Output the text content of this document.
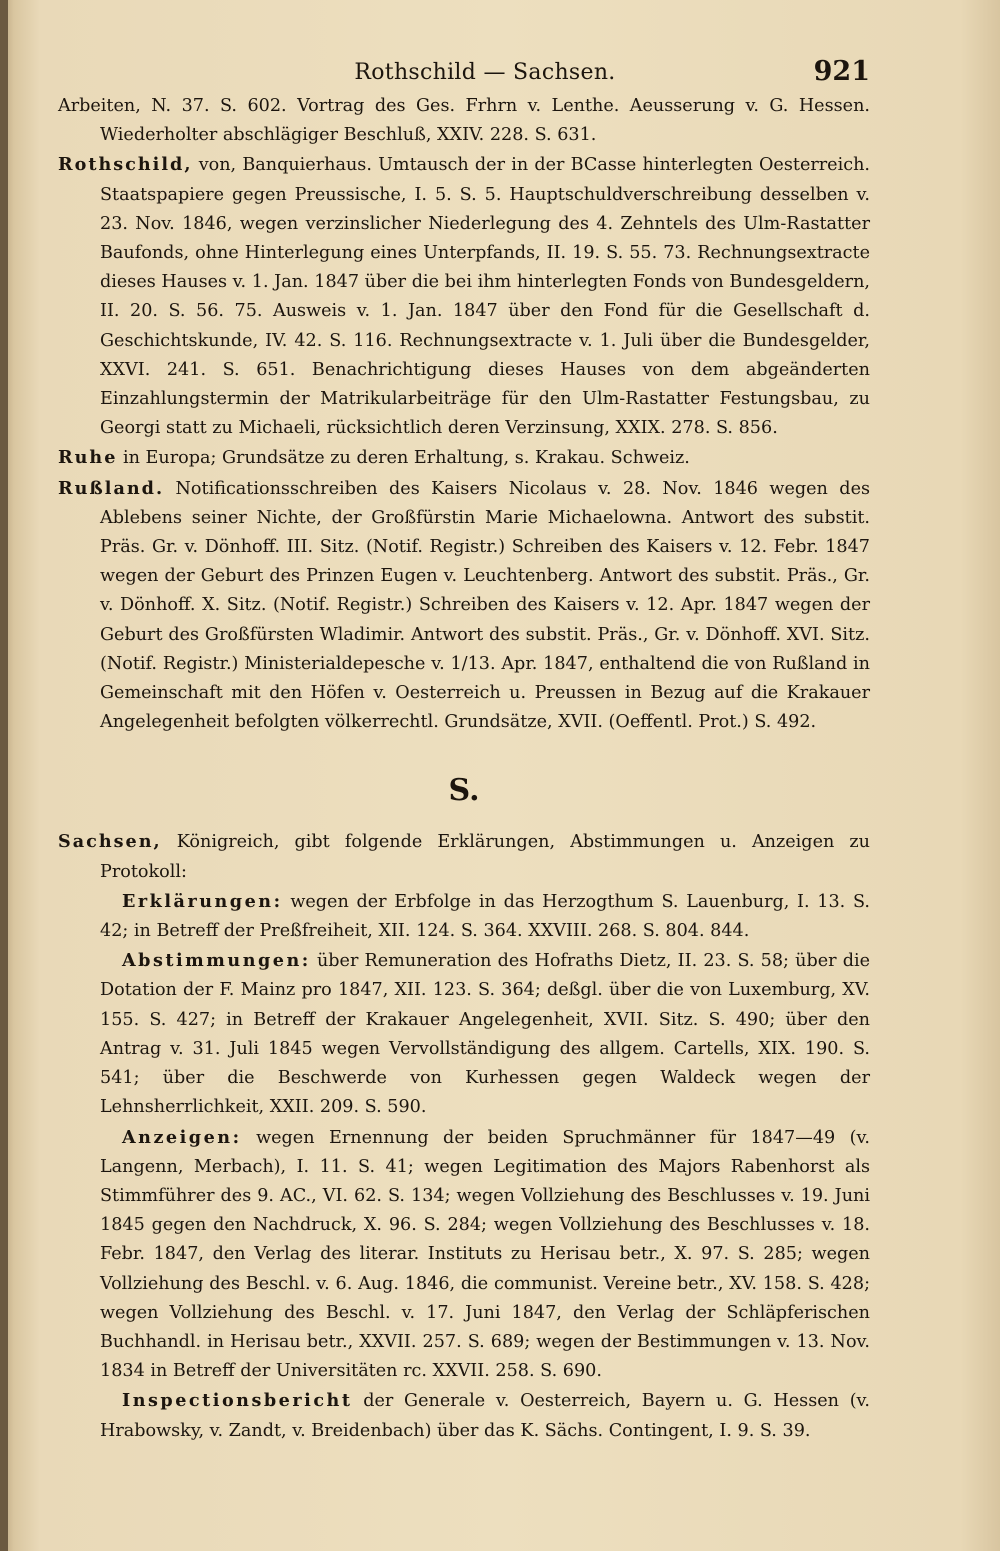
Rothschild — Sachsen.	921

Arbeiten, N. 37. S. 602. Vortrag des Ges. Frhrn v. Lenthe. Aeusserung v. G. Hessen. Wiederholter abschlägiger Beschluß, XXIV. 228. S. 631.

Rothschild, von, Banquierhaus. Umtausch der in der BCasse hinterlegten Oesterreich. Staatspapiere gegen Preussische, I. 5. S. 5. Hauptschuldverschreibung desselben v. 23. Nov. 1846, wegen verzinslicher Niederlegung des 4. Zehntels des Ulm-Rastatter Baufonds, ohne Hinterlegung eines Unterpfands, II. 19. S. 55. 73. Rechnungsextracte dieses Hauses v. 1. Jan. 1847 über die bei ihm hinterlegten Fonds von Bundesgeldern, II. 20. S. 56. 75. Ausweis v. 1. Jan. 1847 über den Fond für die Gesellschaft d. Geschichtskunde, IV. 42. S. 116. Rechnungsextracte v. 1. Juli über die Bundesgelder, XXVI. 241. S. 651. Benachrichtigung dieses Hauses von dem abgeänderten Einzahlungstermin der Matrikularbeiträge für den Ulm-Rastatter Festungsbau, zu Georgi statt zu Michaeli, rücksichtlich deren Verzinsung, XXIX. 278. S. 856.

Ruhe in Europa; Grundsätze zu deren Erhaltung, s. Krakau. Schweiz.

Rußland. Notificationsschreiben des Kaisers Nicolaus v. 28. Nov. 1846 wegen des Ablebens seiner Nichte, der Großfürstin Marie Michaelowna. Antwort des substit. Präs. Gr. v. Dönhoff. III. Sitz. (Notif. Registr.) Schreiben des Kaisers v. 12. Febr. 1847 wegen der Geburt des Prinzen Eugen v. Leuchtenberg. Antwort des substit. Präs., Gr. v. Dönhoff. X. Sitz. (Notif. Registr.) Schreiben des Kaisers v. 12. Apr. 1847 wegen der Geburt des Großfürsten Wladimir. Antwort des substit. Präs., Gr. v. Dönhoff. XVI. Sitz. (Notif. Registr.) Ministerialdepesche v. 1/13. Apr. 1847, enthaltend die von Rußland in Gemeinschaft mit den Höfen v. Oesterreich u. Preussen in Bezug auf die Krakauer Angelegenheit befolgten völkerrechtl. Grundsätze, XVII. (Oeffentl. Prot.) S. 492.

S.

Sachsen, Königreich, gibt folgende Erklärungen, Abstimmungen u. Anzeigen zu Protokoll:

Erklärungen: wegen der Erbfolge in das Herzogthum S. Lauenburg, I. 13. S. 42; in Betreff der Preßfreiheit, XII. 124. S. 364. XXVIII. 268. S. 804. 844.

Abstimmungen: über Remuneration des Hofraths Dietz, II. 23. S. 58; über die Dotation der F. Mainz pro 1847, XII. 123. S. 364; deßgl. über die von Luxemburg, XV. 155. S. 427; in Betreff der Krakauer Angelegenheit, XVII. Sitz. S. 490; über den Antrag v. 31. Juli 1845 wegen Vervollständigung des allgem. Cartells, XIX. 190. S. 541; über die Beschwerde von Kurhessen gegen Waldeck wegen der Lehnsherrlichkeit, XXII. 209. S. 590.

Anzeigen: wegen Ernennung der beiden Spruchmänner für 1847—49 (v. Langenn, Merbach), I. 11. S. 41; wegen Legitimation des Majors Rabenhorst als Stimmführer des 9. AC., VI. 62. S. 134; wegen Vollziehung des Beschlusses v. 19. Juni 1845 gegen den Nachdruck, X. 96. S. 284; wegen Vollziehung des Beschlusses v. 18. Febr. 1847, den Verlag des literar. Instituts zu Herisau betr., X. 97. S. 285; wegen Vollziehung des Beschl. v. 6. Aug. 1846, die communist. Vereine betr., XV. 158. S. 428; wegen Vollziehung des Beschl. v. 17. Juni 1847, den Verlag der Schläpferischen Buchhandl. in Herisau betr., XXVII. 257. S. 689; wegen der Bestimmungen v. 13. Nov. 1834 in Betreff der Universitäten rc. XXVII. 258. S. 690.

Inspectionsbericht der Generale v. Oesterreich, Bayern u. G. Hessen (v. Hrabowsky, v. Zandt, v. Breidenbach) über das K. Sächs. Contingent, I. 9. S. 39.
